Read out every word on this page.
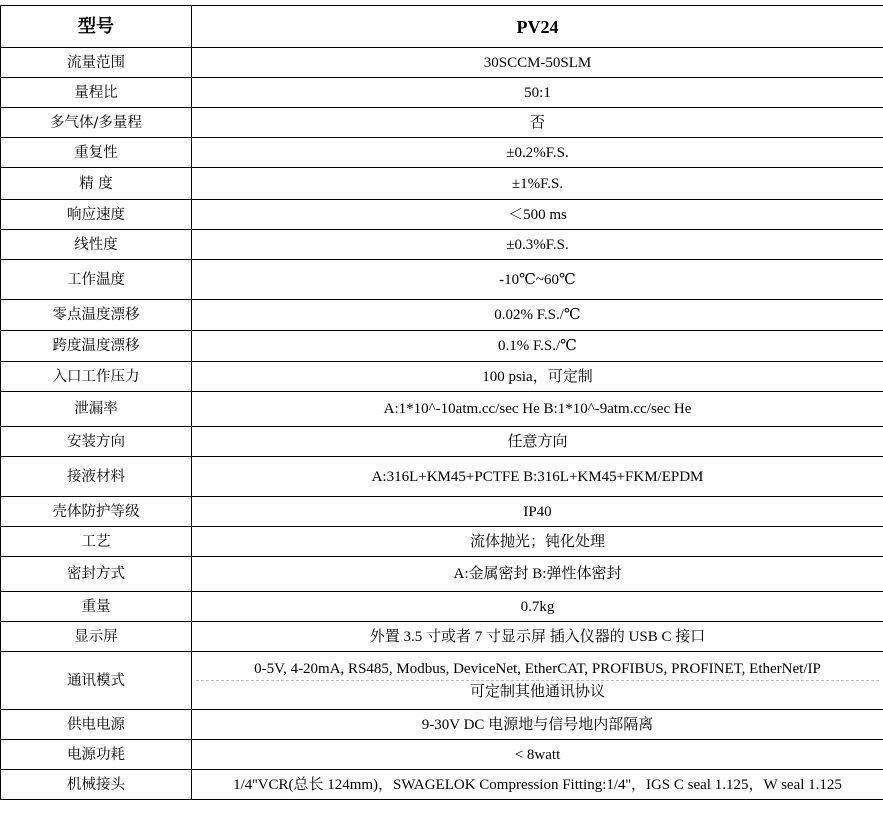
型号	PV24
流量范围	30SCCM-50SLM
量程比	50:1
多气体/多量程	否
重复性	±0.2%F.S.
精 度	±1%F.S.
响应速度	＜500 ms
线性度	±0.3%F.S.
工作温度	-10℃~60℃
零点温度漂移	0.02% F.S./℃
跨度温度漂移	0.1% F.S./℃
入口工作压力	100 psia，可定制
泄漏率	A:1*10^-10atm.cc/sec He B:1*10^-9atm.cc/sec He
安装方向	任意方向
接液材料	A:316L+KM45+PCTFE B:316L+KM45+FKM/EPDM
壳体防护等级	IP40
工艺	流体抛光；钝化处理
密封方式	A:金属密封 B:弹性体密封
重量	0.7kg
显示屏	外置 3.5 寸或者 7 寸显示屏 插入仪器的 USB C 接口
通讯模式	0-5V, 4-20mA, RS485, Modbus, DeviceNet, EtherCAT, PROFIBUS, PROFINET, EtherNet/IP
可定制其他通讯协议

供电电源	9-30V DC 电源地与信号地内部隔离
电源功耗	< 8watt
机械接头	1/4''VCR(总长 124mm)，SWAGELOK Compression Fitting:1/4''，IGS C seal 1.125，W seal 1.125
